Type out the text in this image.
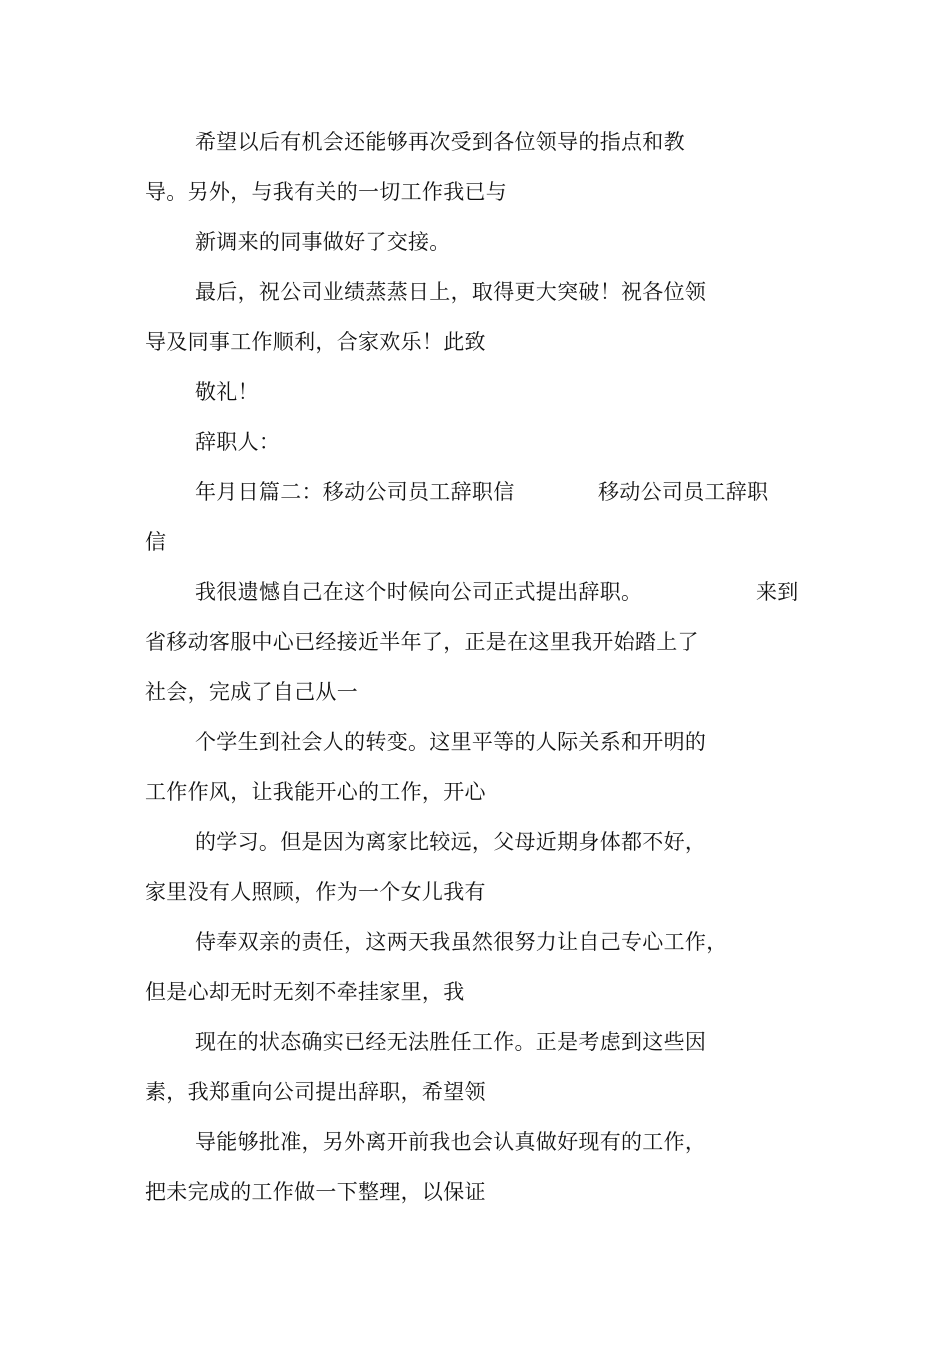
希望以后有机会还能够再次受到各位领导的指点和教
导。另外，与我有关的一切工作我已与
新调来的同事做好了交接。
最后，祝公司业绩蒸蒸日上，取得更大突破！祝各位领
导及同事工作顺利，合家欢乐！此致
敬礼！
辞职人：
年月日篇二：移动公司员工辞职信	移动公司员工辞职
信
我很遗憾自己在这个时候向公司正式提出辞职。	来到
省移动客服中心已经接近半年了，正是在这里我开始踏上了
社会，完成了自己从一
个学生到社会人的转变。这里平等的人际关系和开明的
工作作风，让我能开心的工作，开心
的学习。但是因为离家比较远，父母近期身体都不好，
家里没有人照顾，作为一个女儿我有
侍奉双亲的责任，这两天我虽然很努力让自己专心工作，
但是心却无时无刻不牵挂家里，我
现在的状态确实已经无法胜任工作。正是考虑到这些因
素，我郑重向公司提出辞职，希望领
导能够批准，另外离开前我也会认真做好现有的工作，
把未完成的工作做一下整理，以保证
